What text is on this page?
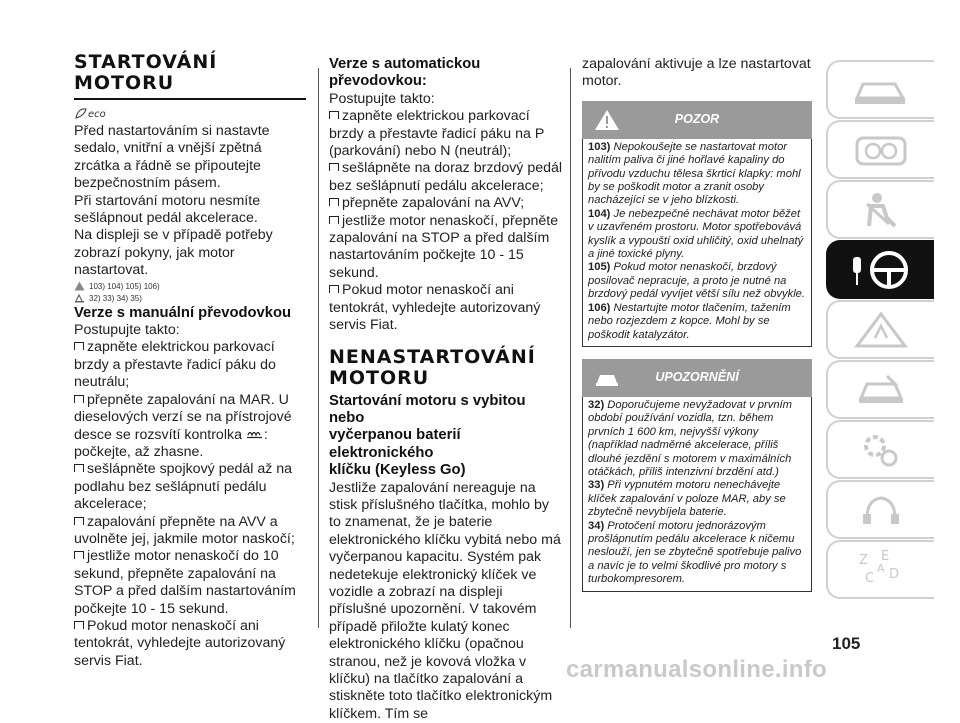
STARTOVÁNÍ
MOTORU
eco

Před nastartováním si nastavte sedalo, vnitřní a vnější zpětná zrcátka a řádně se připoutejte bezpečnostním pásem.

Při startování motoru nesmíte sešlápnout pedál akcelerace.

Na displeji se v případě potřeby zobrazí pokyny, jak motor nastartovat.

103) 104) 105) 106)
32) 33) 34) 35)
Verze s manuální převodovkou

Postupujte takto:

zapněte elektrickou parkovací brzdy a přestavte řadicí páku do neutrálu;

přepněte zapalování na MAR. U dieselových verzí se na přístrojové desce se rozsvítí kontrolka :
počkejte, až zhasne.

sešlápněte spojkový pedál až na podlahu bez sešlápnutí pedálu akcelerace;

zapalování přepněte na AVV a uvolněte jej, jakmile motor naskočí;

jestliže motor nenaskočí do 10 sekund, přepněte zapalování na STOP a před dalším nastartováním počkejte 10 - 15 sekund.

Pokud motor nenaskočí ani tentokrát, vyhledejte autorizovaný servis Fiat.

Verze s automatickou
převodovkou:

Postupujte takto:

zapněte elektrickou parkovací brzdy a přestavte řadicí páku na P (parkování) nebo N (neutrál);

sešlápněte na doraz brzdový pedál bez sešlápnutí pedálu akcelerace;

přepněte zapalování na AVV;

jestliže motor nenaskočí, přepněte zapalování na STOP a před dalším nastartováním počkejte 10 - 15 sekund.

Pokud motor nenaskočí ani tentokrát, vyhledejte autorizovaný servis Fiat.

NENASTARTOVÁNÍ
MOTORU
Startování motoru s vybitou nebo
vyčerpanou baterií elektronického
klíčku (Keyless Go)

Jestliže zapalování nereaguje na stisk příslušného tlačítka, mohlo by to znamenat, že je baterie elektronického klíčku vybitá nebo má vyčerpanou kapacitu. Systém pak nedetekuje elektronický klíček ve vozidle a zobrazí na displeji příslušné upozornění. V takovém případě přiložte kulatý konec elektronického klíčku (opačnou stranou, než je kovová vložka v klíčku) na tlačítko zapalování a stiskněte toto tlačítko elektronickým klíčkem. Tím se

zapalování aktivuje a lze nastartovat motor.

POZOR

103) Nepokoušejte se nastartovat motor nalitím paliva či jiné hořlavé kapaliny do přívodu vzduchu tělesa škrticí klapky: mohl by se poškodit motor a zranit osoby nacházející se v jeho blízkosti.

104) Je nebezpečné nechávat motor běžet v uzavřeném prostoru. Motor spotřebovává kyslík a vypouští oxid uhličitý, oxid uhelnatý a jiné toxické plyny.

105) Pokud motor nenaskočí, brzdový posilovač nepracuje, a proto je nutné na brzdový pedál vyvíjet větší sílu než obvykle.

106) Nestartujte motor tlačením, tažením nebo rozjezdem z kopce. Mohl by se poškodit katalyzátor.

UPOZORNĚNÍ

32) Doporučujeme nevyžadovat v prvním období používání vozidla, tzn. během prvních 1 600 km, nejvyšší výkony (například nadměrné akcelerace, příliš dlouhé jezdění s motorem v maximálních otáčkách, příliš intenzivní brzdění atd.)

33) Při vypnutém motoru nenechávejte klíček zapalování v poloze MAR, aby se zbytečně nevybíjela baterie.

34) Protočení motoru jednorázovým prošlápnutím pedálu akcelerace k ničemu neslouží, jen se zbytečně spotřebuje palivo a navíc je to velmi škodlivé pro motory s turbokompresorem.

Z E
C D
A
105
carmanualsonline.info
